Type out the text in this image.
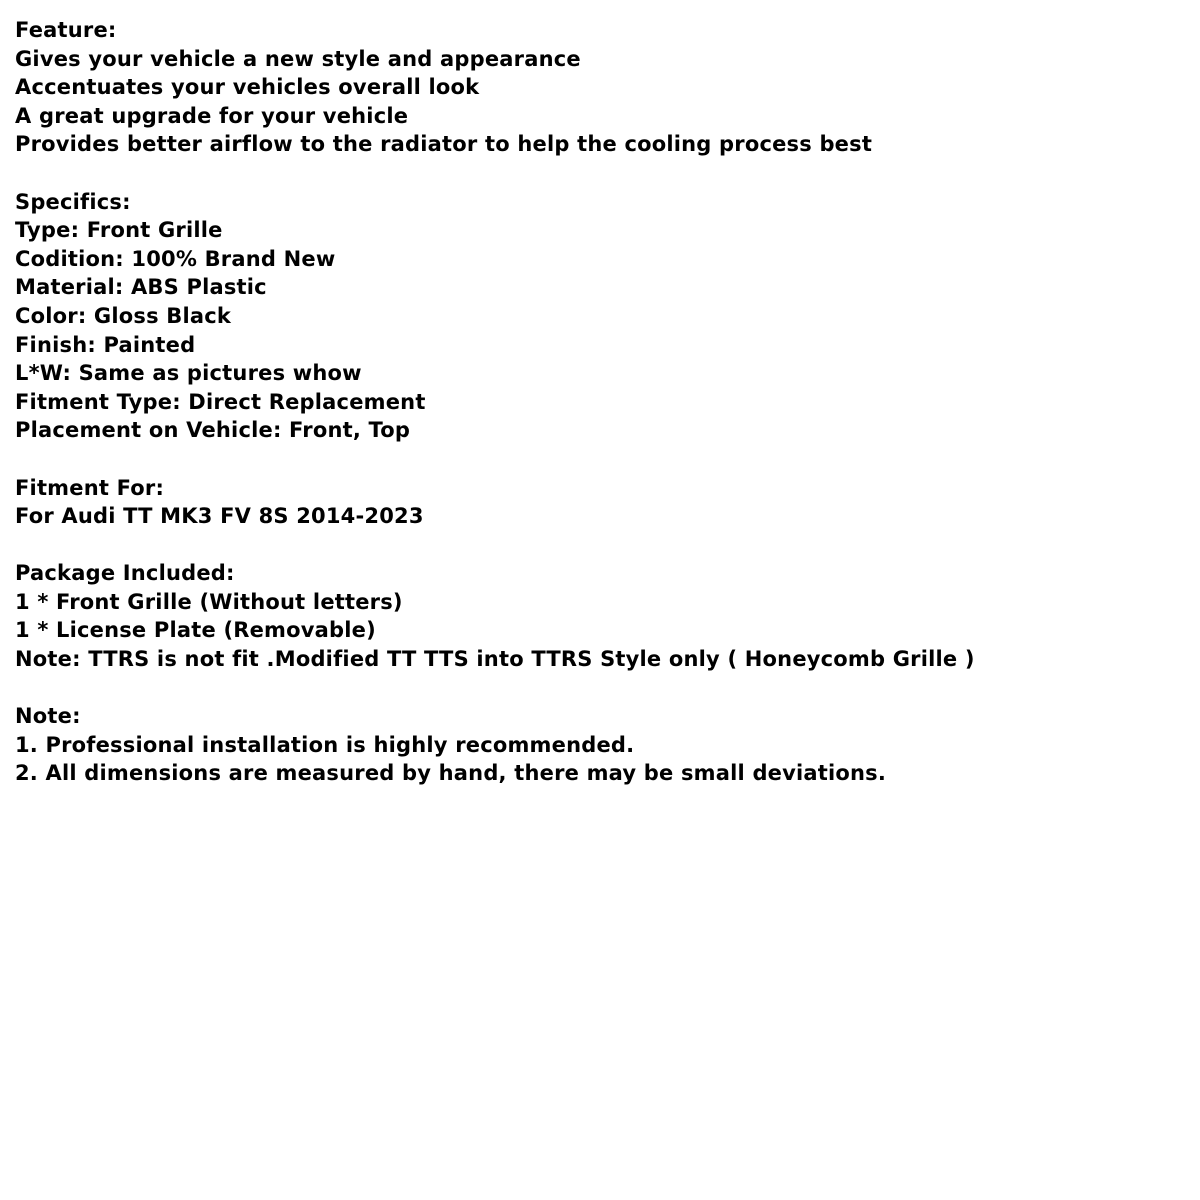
Feature:
Gives your vehicle a new style and appearance
Accentuates your vehicles overall look
A great upgrade for your vehicle
Provides better airflow to the radiator to help the cooling process best
Specifics:
Type: Front Grille
Codition: 100% Brand New
Material: ABS Plastic
Color: Gloss Black
Finish: Painted
L*W: Same as pictures whow
Fitment Type: Direct Replacement
Placement on Vehicle: Front, Top
Fitment For:
For Audi TT MK3 FV 8S 2014-2023
Package Included:
1 * Front Grille (Without letters)
1 * License Plate (Removable)
Note: TTRS is not fit .Modified TT TTS into TTRS Style only ( Honeycomb Grille )
Note:
1. Professional installation is highly recommended.
2. All dimensions are measured by hand, there may be small deviations.
